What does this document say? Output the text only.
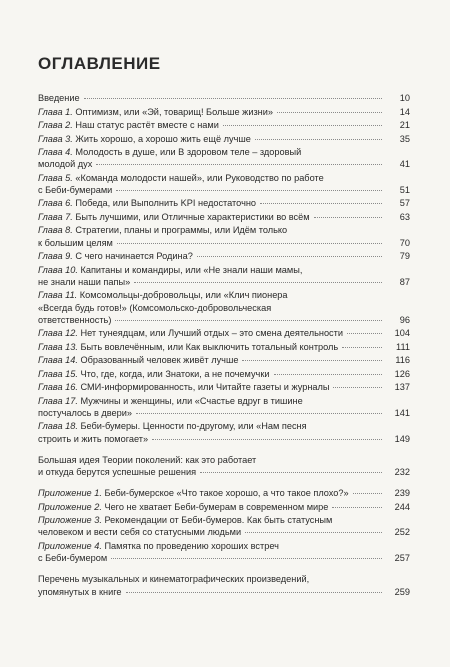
ОГЛАВЛЕНИЕ
Введение	10
Глава 1. Оптимизм, или «Эй, товарищ! Больше жизни»	14
Глава 2. Наш статус растёт вместе с нами	21
Глава 3. Жить хорошо, а хорошо жить ещё лучше	35
Глава 4. Молодость в душе, или В здоровом теле – здоровый
молодой дух	41
Глава 5. «Команда молодости нашей», или Руководство по работе
с Беби-бумерами	51
Глава 6. Победа, или Выполнить KPI недостаточно	57
Глава 7. Быть лучшими, или Отличные характеристики во всём	63
Глава 8. Стратегии, планы и программы, или Идём только
к большим целям	70
Глава 9. С чего начинается Родина?	79
Глава 10. Капитаны и командиры, или «Не знали наши мамы,
не знали наши папы»	87
Глава 11. Комсомольцы-добровольцы, или «Клич пионера
«Всегда будь готов!» (Комсомольско-добровольческая
ответственность)	96
Глава 12. Нет тунеядцам, или Лучший отдых – это смена деятельности	104
Глава 13. Быть вовлечённым, или Как выключить тотальный контроль	111
Глава 14. Образованный человек живёт лучше	116
Глава 15. Что, где, когда, или Знатоки, а не почемучки	126
Глава 16. СМИ-информированность, или Читайте газеты и журналы	137
Глава 17. Мужчины и женщины, или «Счастье вдруг в тишине
постучалось в двери»	141
Глава 18. Беби-бумеры. Ценности по-другому, или «Нам песня
строить и жить помогает»	149
Большая идея Теории поколений: как это работает
и откуда берутся успешные решения	232
Приложение 1. Беби-бумерское «Что такое хорошо, а что такое плохо?»	239
Приложение 2. Чего не хватает Беби-бумерам в современном мире	244
Приложение 3. Рекомендации от Беби-бумеров. Как быть статусным
человеком и вести себя со статусными людьми	252
Приложение 4. Памятка по проведению хороших встреч
с Беби-бумером	257
Перечень музыкальных и кинематографических произведений,
упомянутых в книге	259
